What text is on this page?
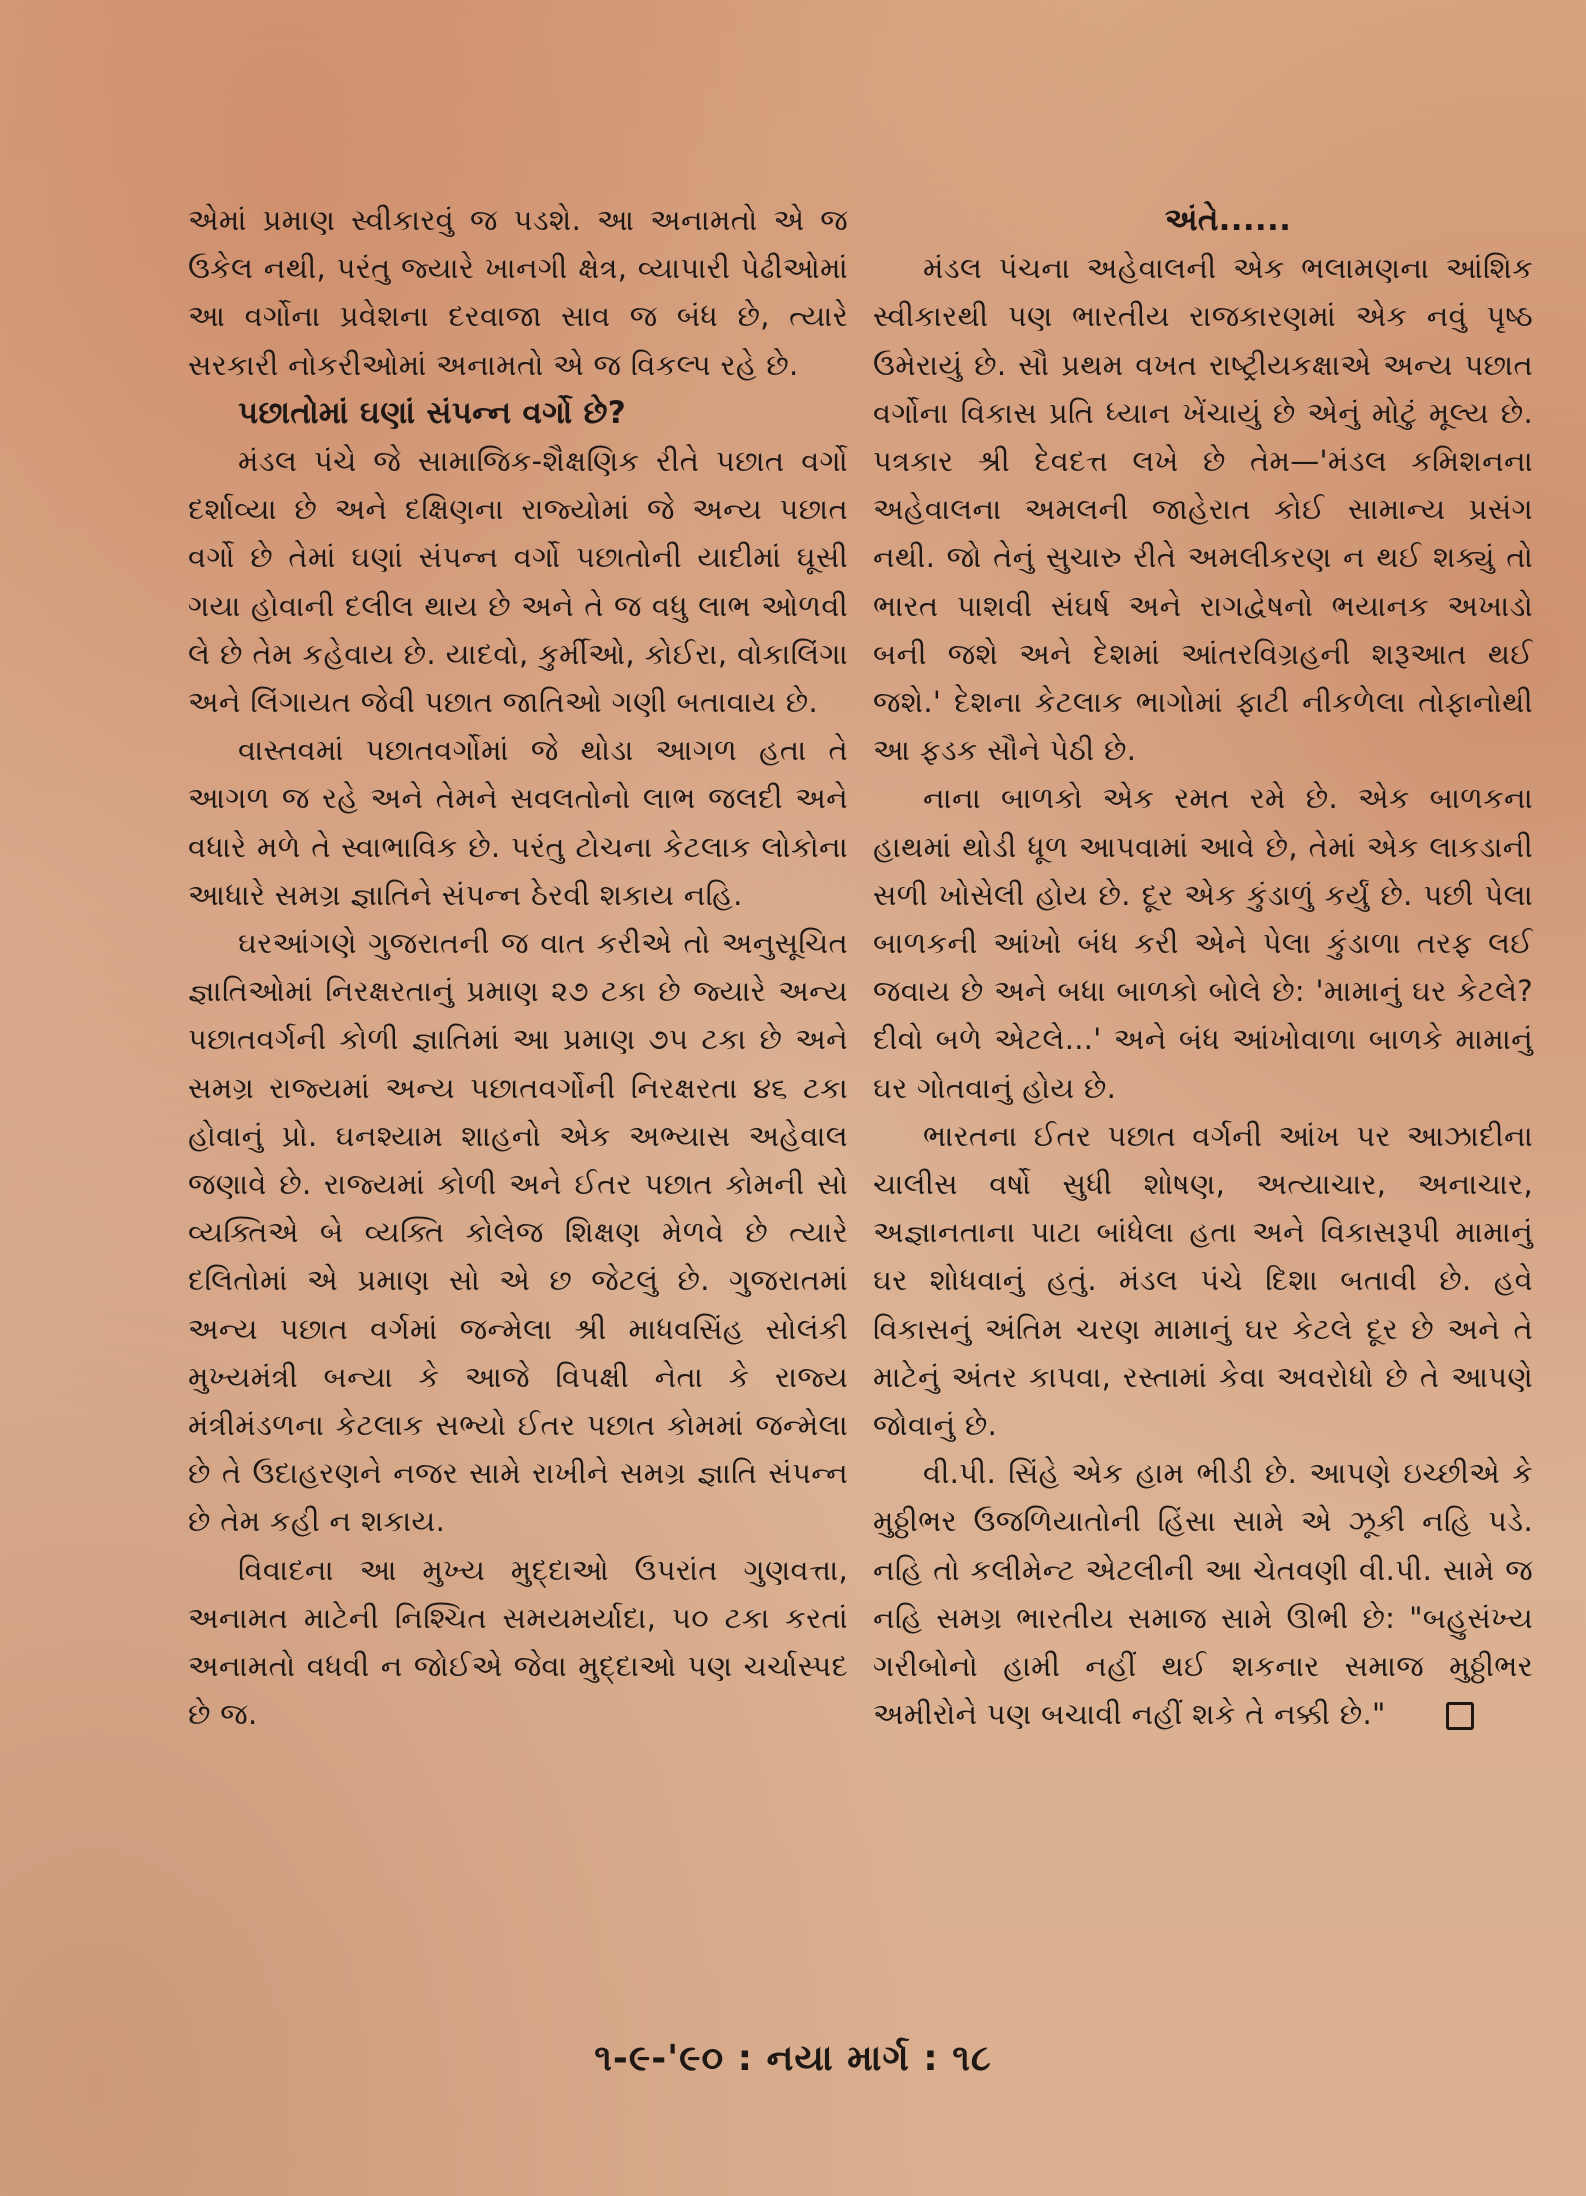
એમાં પ્રમાણ સ્વીકારવું જ પડશે. આ અનામતો એ જ ઉકેલ નથી, પરંતુ જ્યારે ખાનગી ક્ષેત્ર, વ્યાપારી પેઢીઓમાં આ વર્ગોના પ્રવેશના દરવાજા સાવ જ બંધ છે, ત્યારે સરકારી નોકરીઓમાં અનામતો એ જ વિકલ્પ રહે છે.

પછાતોમાં ઘણાં સંપન્ન વર્ગો છે?

મંડલ પંચે જે સામાજિક-શૈક્ષણિક રીતે પછાત વર્ગો દર્શાવ્યા છે અને દક્ષિણના રાજ્યોમાં જે અન્ય પછાત વર્ગો છે તેમાં ઘણાં સંપન્ન વર્ગો પછાતોની યાદીમાં ઘૂસી ગયા હોવાની દલીલ થાય છે અને તે જ વધુ લાભ ઓળવી લે છે તેમ કહેવાય છે. યાદવો, કુર્મીઓ, કોઈરા, વોકાલિંગા અને લિંગાયત જેવી પછાત જાતિઓ ગણી બતાવાય છે.

વાસ્તવમાં પછાતવર્ગોમાં જે થોડા આગળ હતા તે આગળ જ રહે અને તેમને સવલતોનો લાભ જલદી અને વધારે મળે તે સ્વાભાવિક છે. પરંતુ ટોચના કેટલાક લોકોના આધારે સમગ્ર જ્ઞાતિને સંપન્ન ઠેરવી શકાય નહિ.

ઘરઆંગણે ગુજરાતની જ વાત કરીએ તો અનુસૂચિત જ્ઞાતિઓમાં નિરક્ષરતાનું પ્રમાણ ૨૭ ટકા છે જ્યારે અન્ય પછાતવર્ગની કોળી જ્ઞાતિમાં આ પ્રમાણ ૭૫ ટકા છે અને સમગ્ર રાજ્યમાં અન્ય પછાતવર્ગોની નિરક્ષરતા ૪૬ ટકા હોવાનું પ્રો. ઘનશ્યામ શાહનો એક અભ્યાસ અહેવાલ જણાવે છે. રાજ્યમાં કોળી અને ઈતર પછાત કોમની સો વ્યક્તિએ બે વ્યક્તિ કોલેજ શિક્ષણ મેળવે છે ત્યારે દલિતોમાં એ પ્રમાણ સો એ છ જેટલું છે. ગુજરાતમાં અન્ય પછાત વર્ગમાં જન્મેલા શ્રી માધવસિંહ સોલંકી મુખ્યમંત્રી બન્યા કે આજે વિપક્ષી નેતા કે રાજ્ય મંત્રીમંડળના કેટલાક સભ્યો ઈતર પછાત કોમમાં જન્મેલા છે તે ઉદાહરણને નજર સામે રાખીને સમગ્ર જ્ઞાતિ સંપન્ન છે તેમ કહી ન શકાય.

વિવાદના આ મુખ્ય મુદ્દાઓ ઉપરાંત ગુણવત્તા, અનામત માટેની નિશ્ચિત સમયમર્યાદા, ૫૦ ટકા કરતાં અનામતો વધવી ન જોઈએ જેવા મુદ્દાઓ પણ ચર્ચાસ્પદ છે જ.

અંતે......

મંડલ પંચના અહેવાલની એક ભલામણના આંશિક સ્વીકારથી પણ ભારતીય રાજકારણમાં એક નવું પૃષ્ઠ ઉમેરાયું છે. સૌ પ્રથમ વખત રાષ્ટ્રીયકક્ષાએ અન્ય પછાત વર્ગોના વિકાસ પ્રતિ ધ્યાન ખેંચાયું છે એનું મોટું મૂલ્ય છે. પત્રકાર શ્રી દેવદત્ત લખે છે તેમ—'મંડલ કમિશનના અહેવાલના અમલની જાહેરાત કોઈ સામાન્ય પ્રસંગ નથી. જો તેનું સુચારુ રીતે અમલીકરણ ન થઈ શક્યું તો ભારત પાશવી સંઘર્ષ અને રાગદ્વેષનો ભયાનક અખાડો બની જશે અને દેશમાં આંતરવિગ્રહની શરૂઆત થઈ જશે.' દેશના કેટલાક ભાગોમાં ફાટી નીકળેલા તોફાનોથી આ ફડક સૌને પેઠી છે.

નાના બાળકો એક રમત રમે છે. એક બાળકના હાથમાં થોડી ધૂળ આપવામાં આવે છે, તેમાં એક લાકડાની સળી ખોસેલી હોય છે. દૂર એક કુંડાળું કર્યું છે. પછી પેલા બાળકની આંખો બંધ કરી એને પેલા કુંડાળા તરફ લઈ જવાય છે અને બધા બાળકો બોલે છે: 'મામાનું ઘર કેટલે? દીવો બળે એટલે...' અને બંધ આંખોવાળા બાળકે મામાનું ઘર ગોતવાનું હોય છે.

ભારતના ઈતર પછાત વર્ગની આંખ પર આઝાદીના ચાલીસ વર્ષો સુધી શોષણ, અત્યાચાર, અનાચાર, અજ્ઞાનતાના પાટા બાંધેલા હતા અને વિકાસરૂપી મામાનું ઘર શોધવાનું હતું. મંડલ પંચે દિશા બતાવી છે. હવે વિકાસનું અંતિમ ચરણ મામાનું ઘર કેટલે દૂર છે અને તે માટેનું અંતર કાપવા, રસ્તામાં કેવા અવરોધો છે તે આપણે જોવાનું છે.

વી.પી. સિંહે એક હામ ભીડી છે. આપણે ઇચ્છીએ કે મુઠ્ઠીભર ઉજળિયાતોની હિંસા સામે એ ઝૂકી નહિ પડે. નહિ તો કલીમેન્ટ એટલીની આ ચેતવણી વી.પી. સામે જ નહિ સમગ્ર ભારતીય સમાજ સામે ઊભી છે: "બહુસંખ્ય ગરીબોનો હામી નહીં થઈ શકનાર સમાજ મુઠ્ઠીભર અમીરોને પણ બચાવી નહીં શકે તે નક્કી છે."

૧-૯-'૯૦ : નયા માર્ગ : ૧૮
